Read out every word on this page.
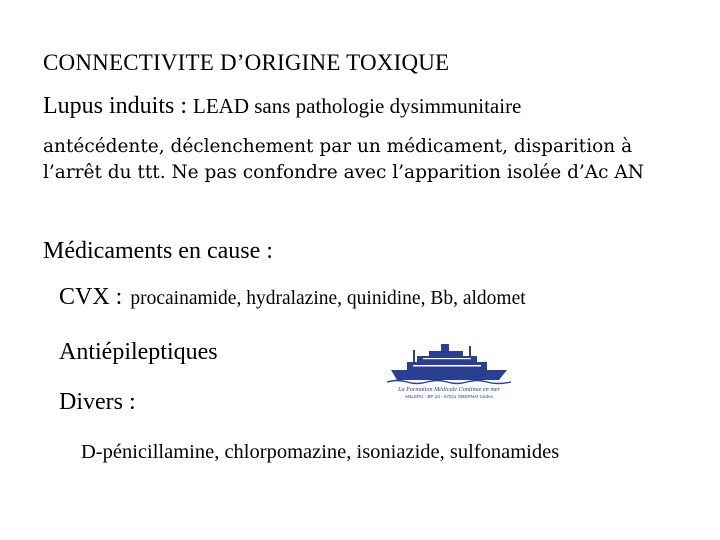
CONNECTIVITE D’ORIGINE TOXIQUE
Lupus induits : LEAD sans pathologie dysimmunitaire
antécédente, déclenchement par un médicament, disparition à l’arrêt du ttt. Ne pas confondre avec l’apparition isolée d’Ac AN
Médicaments en cause :
CVX : procainamide, hydralazine, quinidine, Bb, aldomet
Antiépileptiques
Divers :
D-pénicillamine, chlorpomazine, isoniazide, sulfonamides
La Formation Médicale Continue en mer
ANLEPU - BP 24 - 67211 OBERNAI Cedex
